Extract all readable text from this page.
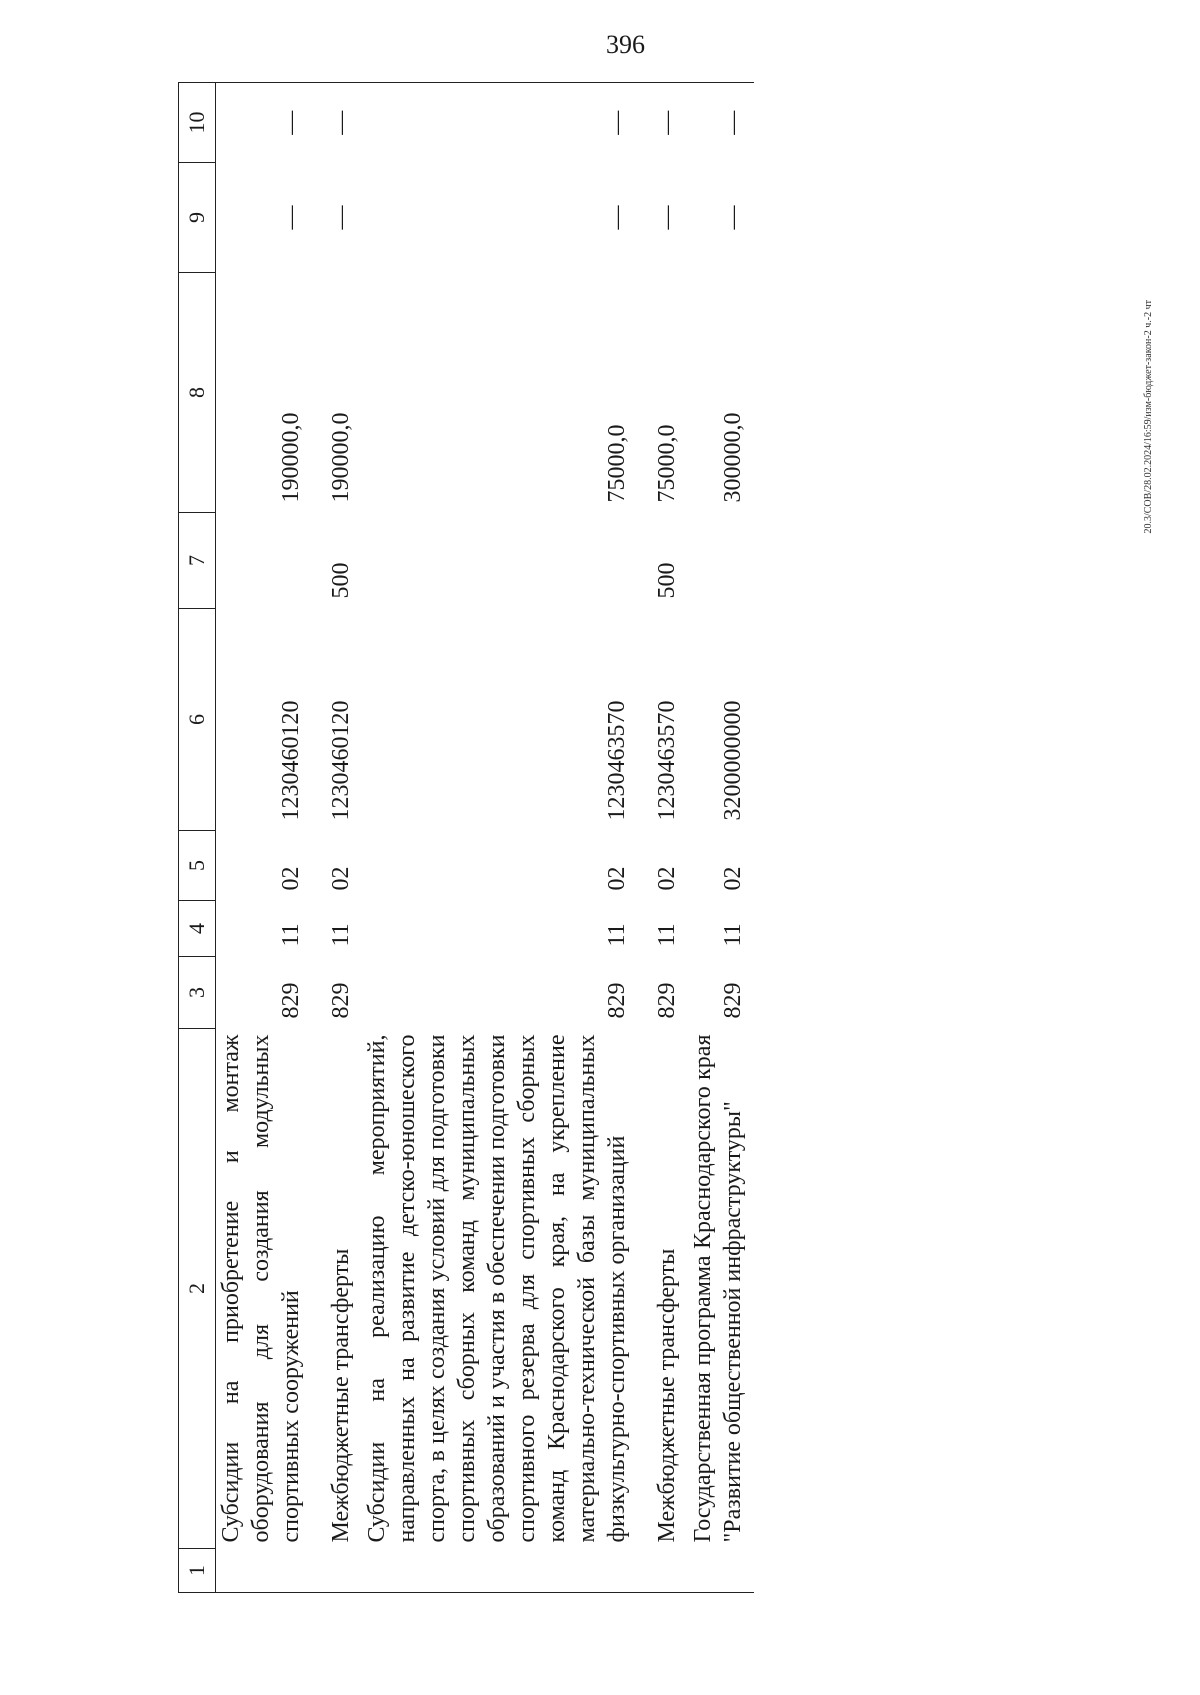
396
20.3/СОВ/28.02.2024/16:59/изм-бюджет-закон-2 ч.-2 чт
1	2	3	4	5	6	7	8	9	10
	Субсидии на приобретение и монтаж оборудования для создания модульных спортивных сооружений	829	11	02	1230460120		190000,0	—	—
	Межбюджетные трансферты	829	11	02	1230460120	500	190000,0	—	—
	Субсидии на реализацию мероприятий, направленных на развитие детско-юношеского спорта, в целях создания условий для подготовки спортивных сборных команд муниципальных образований и участия в обеспечении подготовки спортивного резерва для спортивных сборных команд Краснодарского края, на укрепление материально-технической базы муниципальных физкультурно-спортивных организаций	829	11	02	1230463570		75000,0	—	—
	Межбюджетные трансферты	829	11	02	1230463570	500	75000,0	—	—
	Государственная программа Краснодарского края "Развитие общественной инфраструктуры"	829	11	02	3200000000		300000,0	—	—
